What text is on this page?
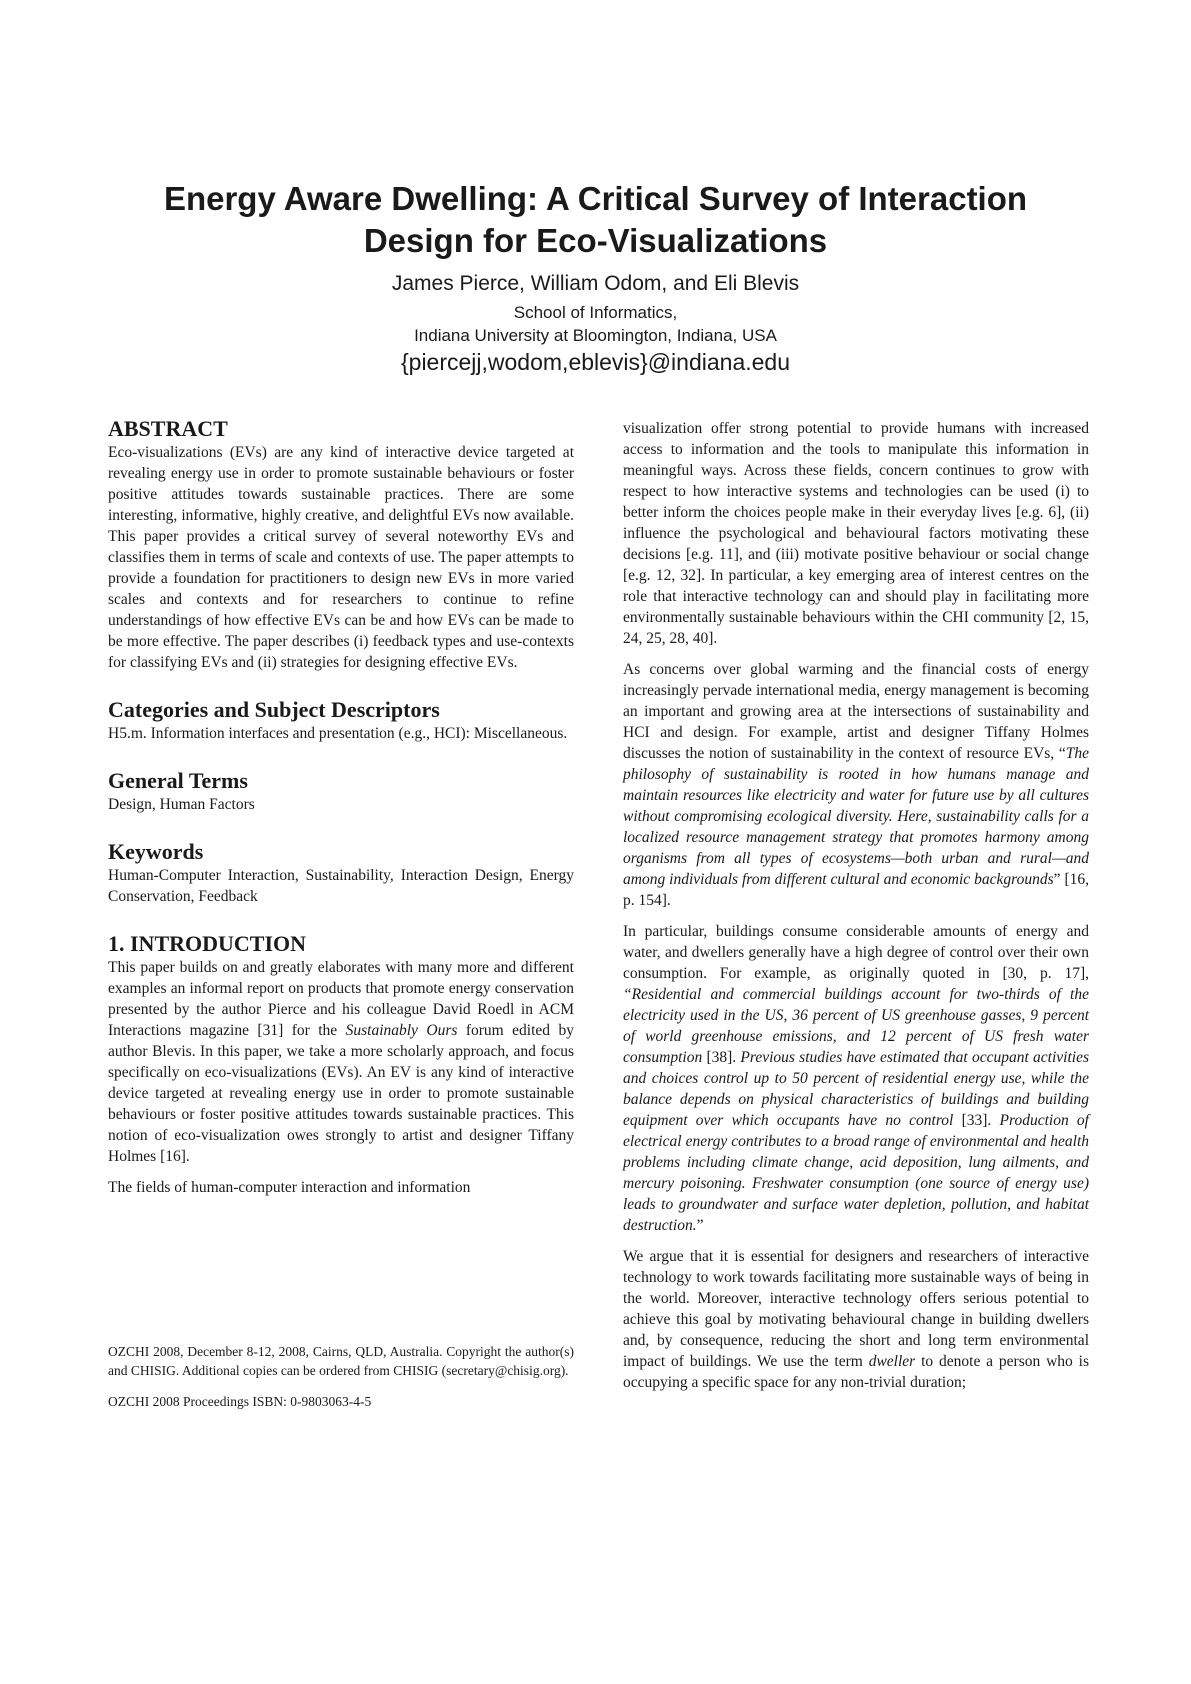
Energy Aware Dwelling: A Critical Survey of Interaction
Design for Eco-Visualizations
James Pierce, William Odom, and Eli Blevis
School of Informatics,
Indiana University at Bloomington, Indiana, USA
{piercejj,wodom,eblevis}@indiana.edu
ABSTRACT

Eco-visualizations (EVs) are any kind of interactive device targeted at revealing energy use in order to promote sustainable behaviours or foster positive attitudes towards sustainable practices. There are some interesting, informative, highly creative, and delightful EVs now available. This paper provides a critical survey of several noteworthy EVs and classifies them in terms of scale and contexts of use. The paper attempts to provide a foundation for practitioners to design new EVs in more varied scales and contexts and for researchers to continue to refine understandings of how effective EVs can be and how EVs can be made to be more effective. The paper describes (i) feedback types and use-contexts for classifying EVs and (ii) strategies for designing effective EVs.

Categories and Subject Descriptors

H5.m. Information interfaces and presentation (e.g., HCI): Miscellaneous.

General Terms

Design, Human Factors

Keywords

Human-Computer Interaction, Sustainability, Interaction Design, Energy Conservation, Feedback

1. INTRODUCTION

This paper builds on and greatly elaborates with many more and different examples an informal report on products that promote energy conservation presented by the author Pierce and his colleague David Roedl in ACM Interactions magazine [31] for the Sustainably Ours forum edited by author Blevis. In this paper, we take a more scholarly approach, and focus specifically on eco-visualizations (EVs). An EV is any kind of interactive device targeted at revealing energy use in order to promote sustainable behaviours or foster positive attitudes towards sustainable practices. This notion of eco-visualization owes strongly to artist and designer Tiffany Holmes [16].

The fields of human-computer interaction and information

OZCHI 2008, December 8-12, 2008, Cairns, QLD, Australia. Copyright the author(s) and CHISIG. Additional copies can be ordered from CHISIG (secretary@chisig.org).

OZCHI 2008 Proceedings ISBN: 0-9803063-4-5

visualization offer strong potential to provide humans with increased access to information and the tools to manipulate this information in meaningful ways. Across these fields, concern continues to grow with respect to how interactive systems and technologies can be used (i) to better inform the choices people make in their everyday lives [e.g. 6], (ii) influence the psychological and behavioural factors motivating these decisions [e.g. 11], and (iii) motivate positive behaviour or social change [e.g. 12, 32]. In particular, a key emerging area of interest centres on the role that interactive technology can and should play in facilitating more environmentally sustainable behaviours within the CHI community [2, 15, 24, 25, 28, 40].

As concerns over global warming and the financial costs of energy increasingly pervade international media, energy management is becoming an important and growing area at the intersections of sustainability and HCI and design. For example, artist and designer Tiffany Holmes discusses the notion of sustainability in the context of resource EVs, “The philosophy of sustainability is rooted in how humans manage and maintain resources like electricity and water for future use by all cultures without compromising ecological diversity. Here, sustainability calls for a localized resource management strategy that promotes harmony among organisms from all types of ecosystems—both urban and rural—and among individuals from different cultural and economic backgrounds” [16, p. 154].

In particular, buildings consume considerable amounts of energy and water, and dwellers generally have a high degree of control over their own consumption. For example, as originally quoted in [30, p. 17], “Residential and commercial buildings account for two-thirds of the electricity used in the US, 36 percent of US greenhouse gasses, 9 percent of world greenhouse emissions, and 12 percent of US fresh water consumption [38]. Previous studies have estimated that occupant activities and choices control up to 50 percent of residential energy use, while the balance depends on physical characteristics of buildings and building equipment over which occupants have no control [33]. Production of electrical energy contributes to a broad range of environmental and health problems including climate change, acid deposition, lung ailments, and mercury poisoning. Freshwater consumption (one source of energy use) leads to groundwater and surface water depletion, pollution, and habitat destruction.”

We argue that it is essential for designers and researchers of interactive technology to work towards facilitating more sustainable ways of being in the world. Moreover, interactive technology offers serious potential to achieve this goal by motivating behavioural change in building dwellers and, by consequence, reducing the short and long term environmental impact of buildings. We use the term dweller to denote a person who is occupying a specific space for any non-trivial duration;
